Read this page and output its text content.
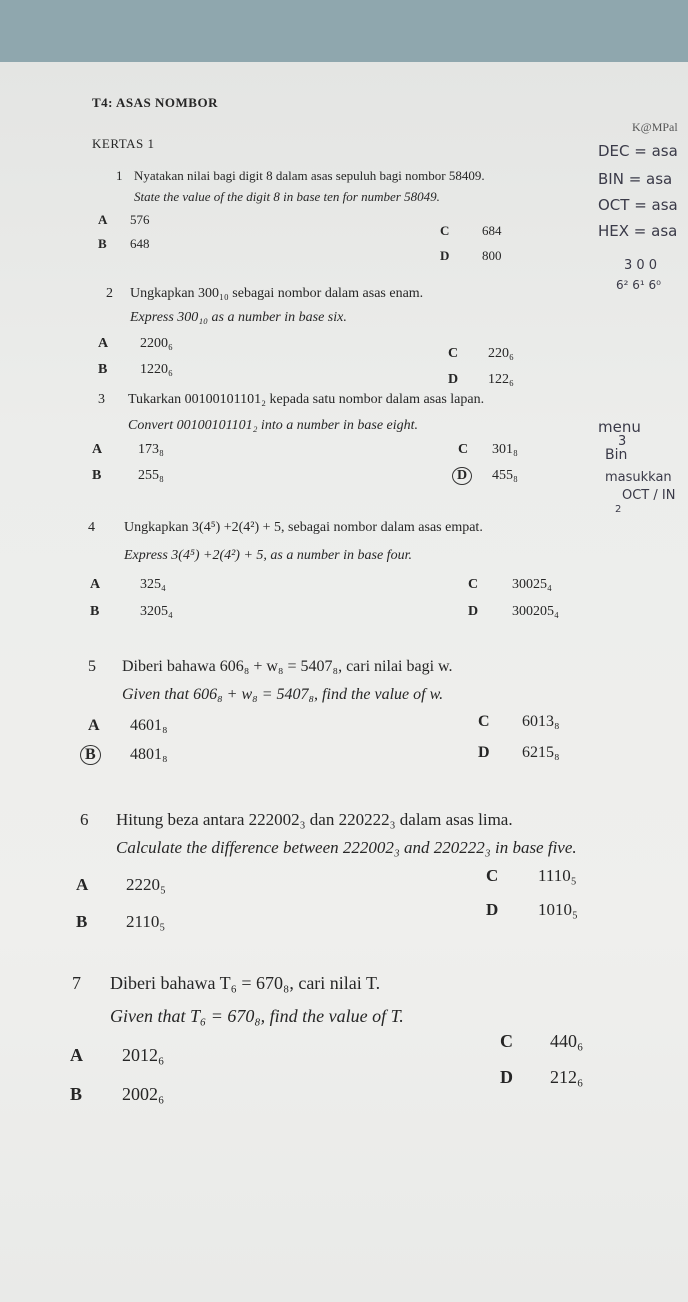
T4: ASAS NOMBOR
KERTAS 1
K@MPal
DEC = asa
BIN = asa
OCT = asa
HEX = asa
3 0 0
6² 6¹ 6⁰
menu
3
Bin
masukkan
OCT / IN
2
1 Nyatakan nilai bagi digit 8 dalam asas sepuluh bagi nombor 58409.
State the value of the digit 8 in base ten for number 58049.
A 576
B 648
C	684
D	800
2 Ungkapkan 300₁₀ sebagai nombor dalam asas enam.
Express 300₁₀ as a number in base six.
A 2200₆
B 1220₆
C 220₆
D 122₆
3 Tukarkan 00100101101₂ kepada satu nombor dalam asas lapan.
Convert 00100101101₂ into a number in base eight.
A	173₈
B	255₈
C 301₈
D	455₈
4 Ungkapkan 3(4⁵) +2(4²) + 5, sebagai nombor dalam asas empat.
Express 3(4⁵) +2(4²) + 5, as a number in base four.
A	325₄
B	3205₄
C 30025₄
D 300205₄
5 Diberi bahawa 606₈ + w₈ = 5407₈, cari nilai bagi w.
Given that 606₈ + w₈ = 5407₈, find the value of w.
A 4601₈
B	4801₈
C 6013₈
D 6215₈
6 Hitung beza antara 222002₃ dan 220222₃ dalam asas lima.
Calculate the difference between 222002₃ and 220222₃ in base five.
A 2220₅
B 2110₅
C 1110₅
D 1010₅
7 Diberi bahawa T₆ = 670₈, cari nilai T.
Given that T₆ = 670₈, find the value of T.
A 2012₆
B 2002₆
C 440₆
D 212₆
